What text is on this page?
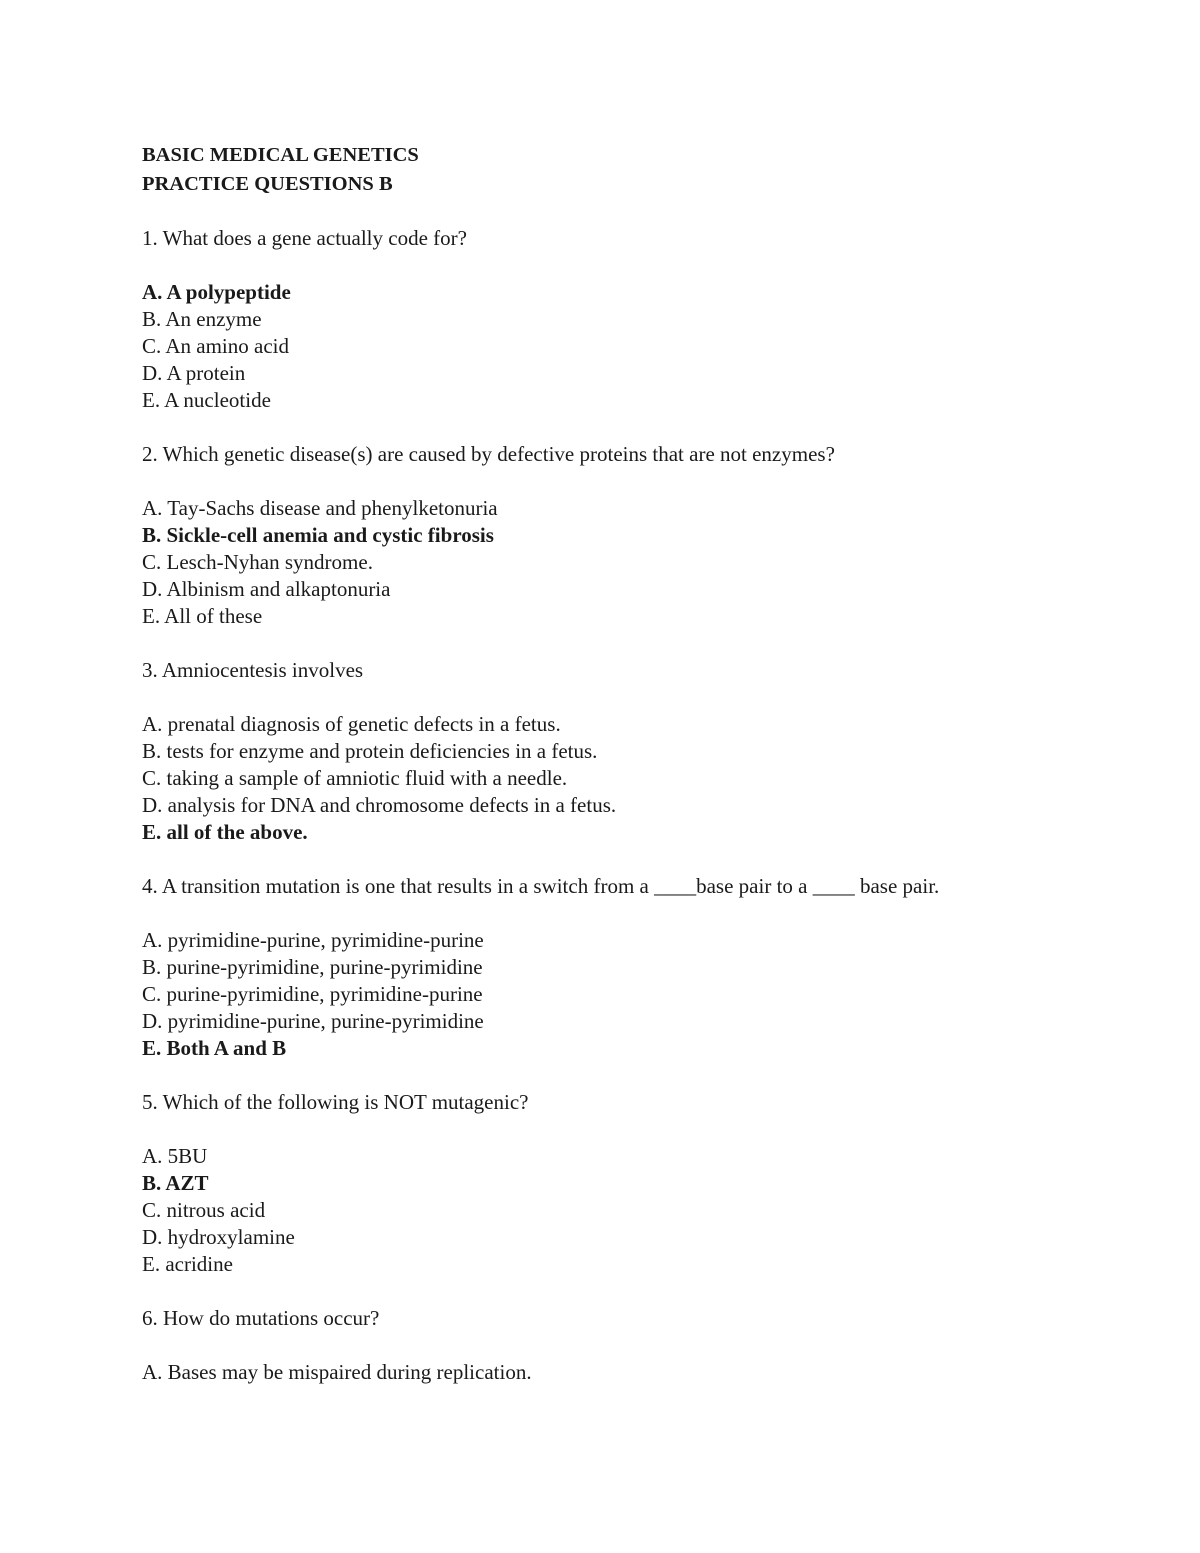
BASIC MEDICAL GENETICS
PRACTICE QUESTIONS B
1. What does a gene actually code for?
A. A polypeptide
B. An enzyme
C. An amino acid
D. A protein
E. A nucleotide
2. Which genetic disease(s) are caused by defective proteins that are not enzymes?
A. Tay-Sachs disease and phenylketonuria
B. Sickle-cell anemia and cystic fibrosis
C. Lesch-Nyhan syndrome.
D. Albinism and alkaptonuria
E. All of these
3. Amniocentesis involves
A. prenatal diagnosis of genetic defects in a fetus.
B. tests for enzyme and protein deficiencies in a fetus.
C. taking a sample of amniotic fluid with a needle.
D. analysis for DNA and chromosome defects in a fetus.
E. all of the above.
4. A transition mutation is one that results in a switch from a ____base pair to a ____ base pair.
A. pyrimidine-purine, pyrimidine-purine
B. purine-pyrimidine, purine-pyrimidine
C. purine-pyrimidine, pyrimidine-purine
D. pyrimidine-purine, purine-pyrimidine
E. Both A and B
5. Which of the following is NOT mutagenic?
A. 5BU
B. AZT
C. nitrous acid
D. hydroxylamine
E. acridine
6. How do mutations occur?
A. Bases may be mispaired during replication.
